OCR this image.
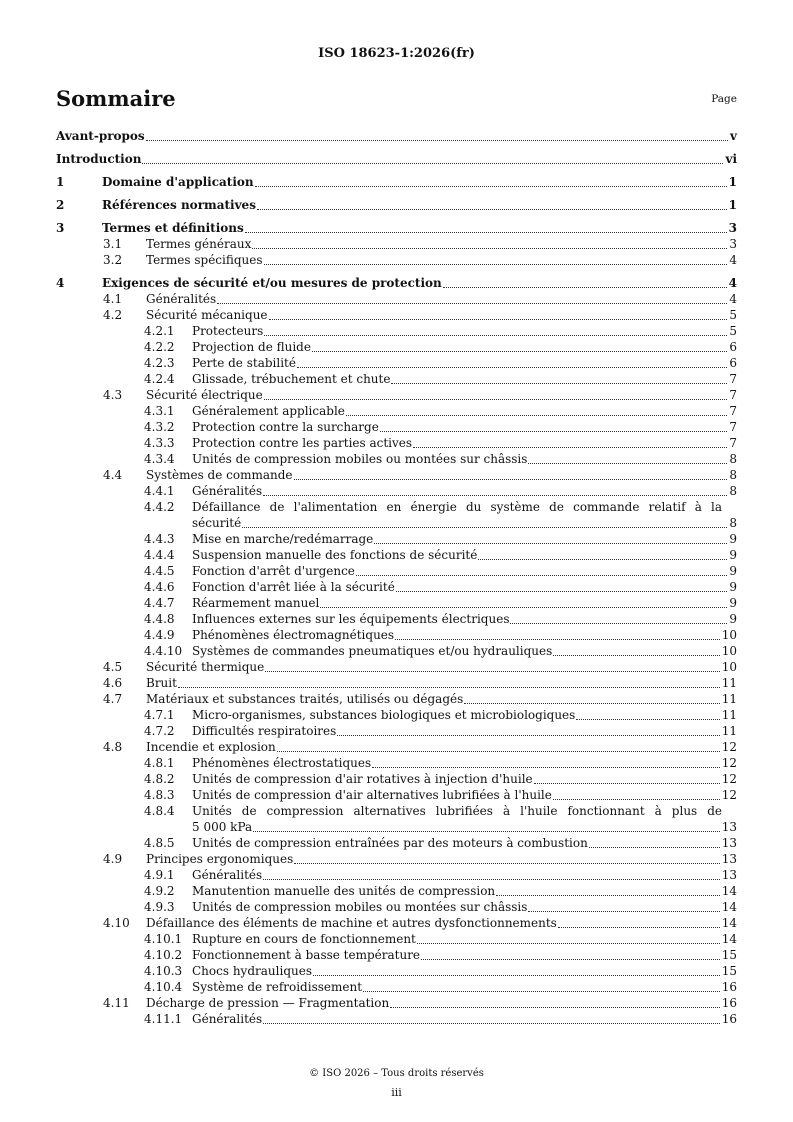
ISO 18623-1:2026(fr)
Sommaire	Page
Avant-propos	v
Introduction	vi
1	Domaine d'application	1
2	Références normatives	1
3	Termes et définitions	3
3.1 Termes généraux	3
3.2 Termes spécifiques	4
4	Exigences de sécurité et/ou mesures de protection	4
4.1 Généralités	4
4.2 Sécurité mécanique	5
4.2.1 Protecteurs	5
4.2.2 Projection de fluide	6
4.2.3 Perte de stabilité	6
4.2.4 Glissade, trébuchement et chute	7
4.3 Sécurité électrique	7
4.3.1 Généralement applicable	7
4.3.2 Protection contre la surcharge	7
4.3.3 Protection contre les parties actives	7
4.3.4 Unités de compression mobiles ou montées sur châssis	8
4.4 Systèmes de commande	8
4.4.1 Généralités	8
4.4.2 Défaillance de l'alimentation en énergie du système de commande relatif à la
sécurité	8
4.4.3 Mise en marche/redémarrage	9
4.4.4 Suspension manuelle des fonctions de sécurité	9
4.4.5 Fonction d'arrêt d'urgence	9
4.4.6 Fonction d'arrêt liée à la sécurité	9
4.4.7 Réarmement manuel	9
4.4.8 Influences externes sur les équipements électriques	9
4.4.9 Phénomènes électromagnétiques	10
4.4.10 Systèmes de commandes pneumatiques et/ou hydrauliques	10
4.5 Sécurité thermique	10
4.6 Bruit	11
4.7 Matériaux et substances traités, utilisés ou dégagés	11
4.7.1 Micro-organismes, substances biologiques et microbiologiques	11
4.7.2 Difficultés respiratoires	11
4.8 Incendie et explosion	12
4.8.1 Phénomènes électrostatiques	12
4.8.2 Unités de compression d'air rotatives à injection d'huile	12
4.8.3 Unités de compression d'air alternatives lubrifiées à l'huile	12
4.8.4 Unités de compression alternatives lubrifiées à l'huile fonctionnant à plus de
5 000 kPa	13
4.8.5 Unités de compression entraînées par des moteurs à combustion	13
4.9 Principes ergonomiques	13
4.9.1 Généralités	13
4.9.2 Manutention manuelle des unités de compression	14
4.9.3 Unités de compression mobiles ou montées sur châssis	14
4.10 Défaillance des éléments de machine et autres dysfonctionnements	14
4.10.1 Rupture en cours de fonctionnement	14
4.10.2 Fonctionnement à basse température	15
4.10.3 Chocs hydrauliques	15
4.10.4 Système de refroidissement	16
4.11 Décharge de pression — Fragmentation	16
4.11.1 Généralités	16
© ISO 2026 – Tous droits réservés
iii
